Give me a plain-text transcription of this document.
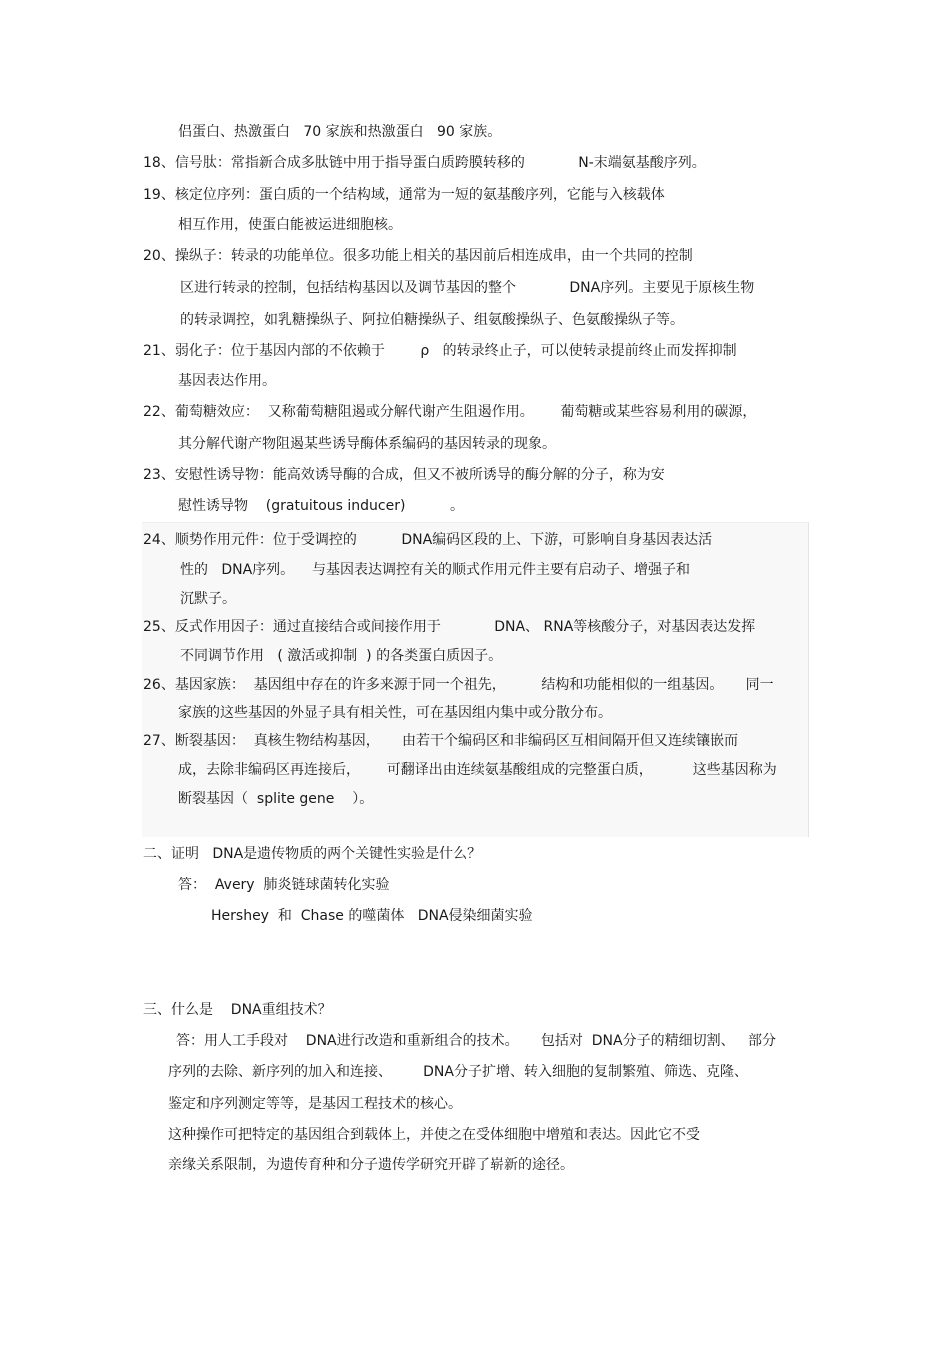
侣蛋白、热激蛋白   70 家族和热激蛋白   90 家族。
18、信号肽：常指新合成多肽链中用于指导蛋白质跨膜转移的            N-末端氨基酸序列。
19、核定位序列：蛋白质的一个结构域，通常为一短的氨基酸序列，它能与入核载体
相互作用，使蛋白能被运进细胞核。
20、操纵子：转录的功能单位。很多功能上相关的基因前后相连成串，由一个共同的控制
区进行转录的控制，包括结构基因以及调节基因的整个            DNA序列。主要见于原核生物
的转录调控，如乳糖操纵子、阿拉伯糖操纵子、组氨酸操纵子、色氨酸操纵子等。
21、弱化子：位于基因内部的不依赖于        ρ   的转录终止子，可以使转录提前终止而发挥抑制
基因表达作用。
22、葡萄糖效应：  又称葡萄糖阻遏或分解代谢产生阻遏作用。      葡萄糖或某些容易利用的碳源，
其分解代谢产物阻遏某些诱导酶体系编码的基因转录的现象。
23、安慰性诱导物：能高效诱导酶的合成，但又不被所诱导的酶分解的分子，称为安
慰性诱导物    (gratuitous inducer)          。
24、顺势作用元件：位于受调控的          DNA编码区段的上、下游，可影响自身基因表达活
性的   DNA序列。    与基因表达调控有关的顺式作用元件主要有启动子、增强子和
沉默子。
25、反式作用因子：通过直接结合或间接作用于            DNA、 RNA等核酸分子，对基因表达发挥
不同调节作用   ( 激活或抑制  ) 的各类蛋白质因子。
26、基因家族：  基因组中存在的许多来源于同一个祖先，        结构和功能相似的一组基因。     同一
家族的这些基因的外显子具有相关性，可在基因组内集中或分散分布。
27、断裂基因：  真核生物结构基因，     由若干个编码区和非编码区互相间隔开但又连续镶嵌而
成，去除非编码区再连接后，      可翻译出由连续氨基酸组成的完整蛋白质，         这些基因称为
断裂基因（  splite gene    ）。
二、证明   DNA是遗传物质的两个关键性实验是什么？
答：  Avery  肺炎链球菌转化实验
Hershey  和  Chase 的噬菌体   DNA侵染细菌实验
三、什么是    DNA重组技术？
答：用人工手段对    DNA进行改造和重新组合的技术。     包括对  DNA分子的精细切割、   部分
序列的去除、新序列的加入和连接、       DNA分子扩增、转入细胞的复制繁殖、筛选、克隆、
鉴定和序列测定等等，是基因工程技术的核心。
这种操作可把特定的基因组合到载体上，并使之在受体细胞中增殖和表达。因此它不受
亲缘关系限制，为遗传育种和分子遗传学研究开辟了崭新的途径。
